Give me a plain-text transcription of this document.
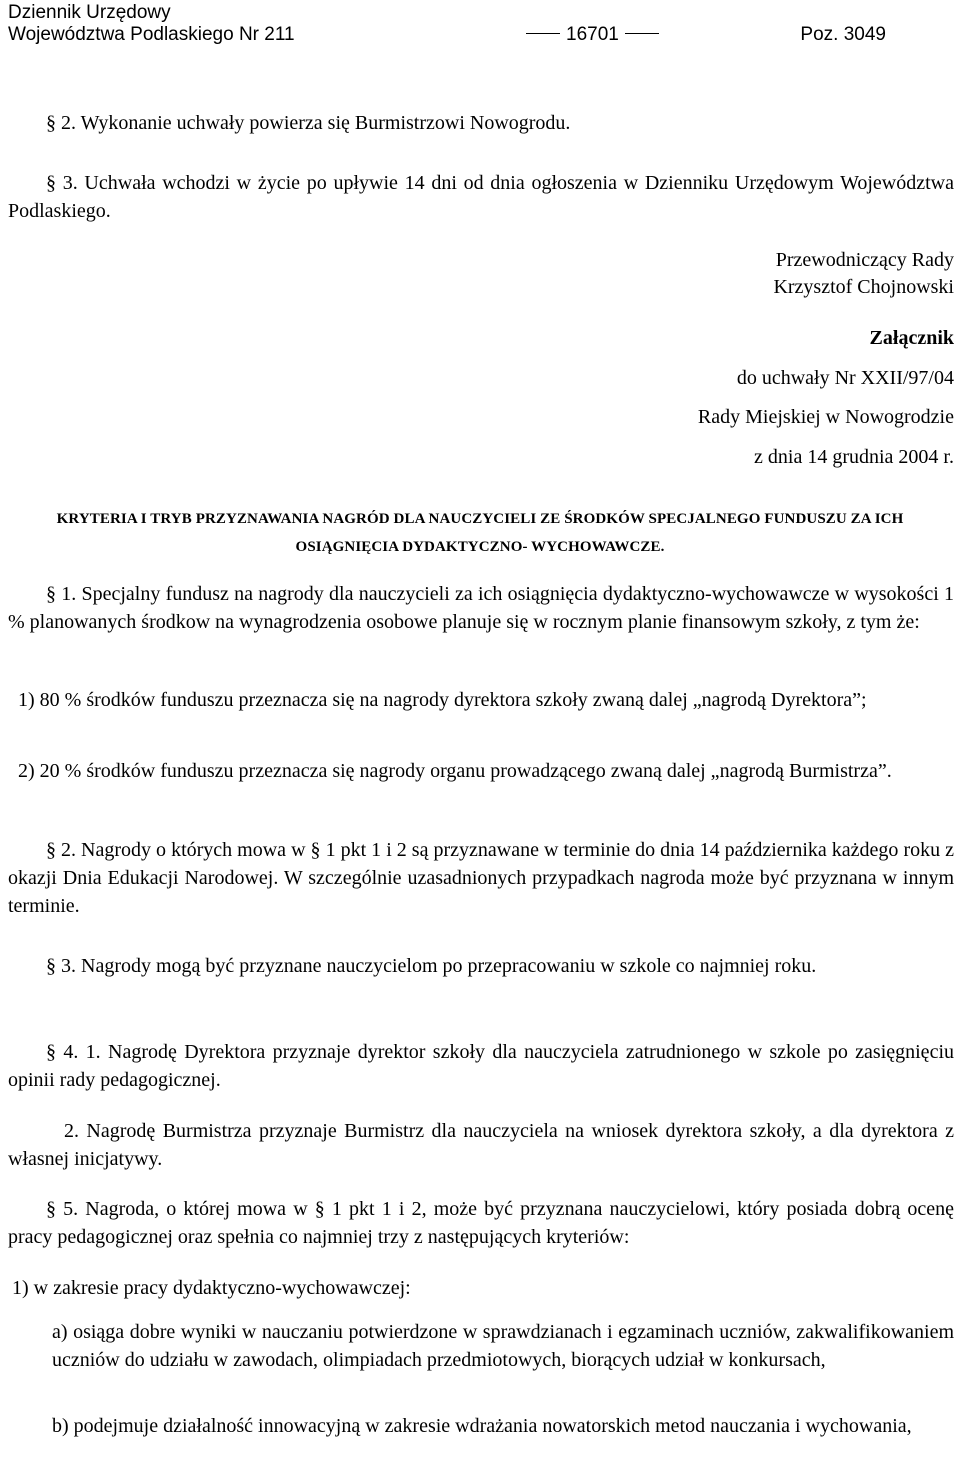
Dziennik Urzędowy
Województwa Podlaskiego Nr 211	16701	Poz. 3049
§ 2. Wykonanie uchwały powierza się Burmistrzowi Nowogrodu.
§ 3. Uchwała wchodzi w życie po upływie 14 dni od dnia ogłoszenia w Dzienniku Urzędowym Województwa Podlaskiego.
Przewodniczący Rady
Krzysztof Chojnowski
Załącznik
do uchwały Nr XXII/97/04
Rady Miejskiej w Nowogrodzie
z dnia 14 grudnia 2004 r.
KRYTERIA I TRYB PRZYZNAWANIA NAGRÓD DLA NAUCZYCIELI ZE ŚRODKÓW SPECJALNEGO FUNDUSZU ZA ICH OSIĄGNIĘCIA DYDAKTYCZNO- WYCHOWAWCZE.
§ 1. Specjalny fundusz na nagrody dla nauczycieli za ich osiągnięcia dydaktyczno-wychowawcze w wysokości 1 % planowanych środkow na wynagrodzenia osobowe planuje się w rocznym planie finansowym szkoły, z tym że:
1) 80 % środków funduszu przeznacza się na nagrody dyrektora szkoły zwaną dalej „nagrodą Dyrektora”;
2) 20 % środków funduszu przeznacza się nagrody organu prowadzącego zwaną dalej „nagrodą Burmistrza”.
§ 2. Nagrody o których mowa w § 1 pkt 1 i 2 są przyznawane w terminie do dnia 14 października każdego roku z okazji Dnia Edukacji Narodowej. W szczególnie uzasadnionych przypadkach nagroda może być przyznana w innym terminie.
§ 3. Nagrody mogą być przyznane nauczycielom po przepracowaniu w szkole co najmniej roku.
§ 4. 1. Nagrodę Dyrektora przyznaje dyrektor szkoły dla nauczyciela zatrudnionego w szkole po zasięgnięciu opinii rady pedagogicznej.
2. Nagrodę Burmistrza przyznaje Burmistrz dla nauczyciela na wniosek dyrektora szkoły, a dla dyrektora z własnej inicjatywy.
§ 5. Nagroda, o której mowa w § 1 pkt 1 i 2, może być przyznana nauczycielowi, który posiada dobrą ocenę pracy pedagogicznej oraz spełnia co najmniej trzy z następujących kryteriów:
1) w zakresie pracy dydaktyczno-wychowawczej:
a) osiąga dobre wyniki w nauczaniu potwierdzone w sprawdzianach i egzaminach uczniów, zakwalifikowaniem uczniów do udziału w zawodach, olimpiadach przedmiotowych, biorących udział w konkursach,
b) podejmuje działalność innowacyjną w zakresie wdrażania nowatorskich metod nauczania i wychowania,
